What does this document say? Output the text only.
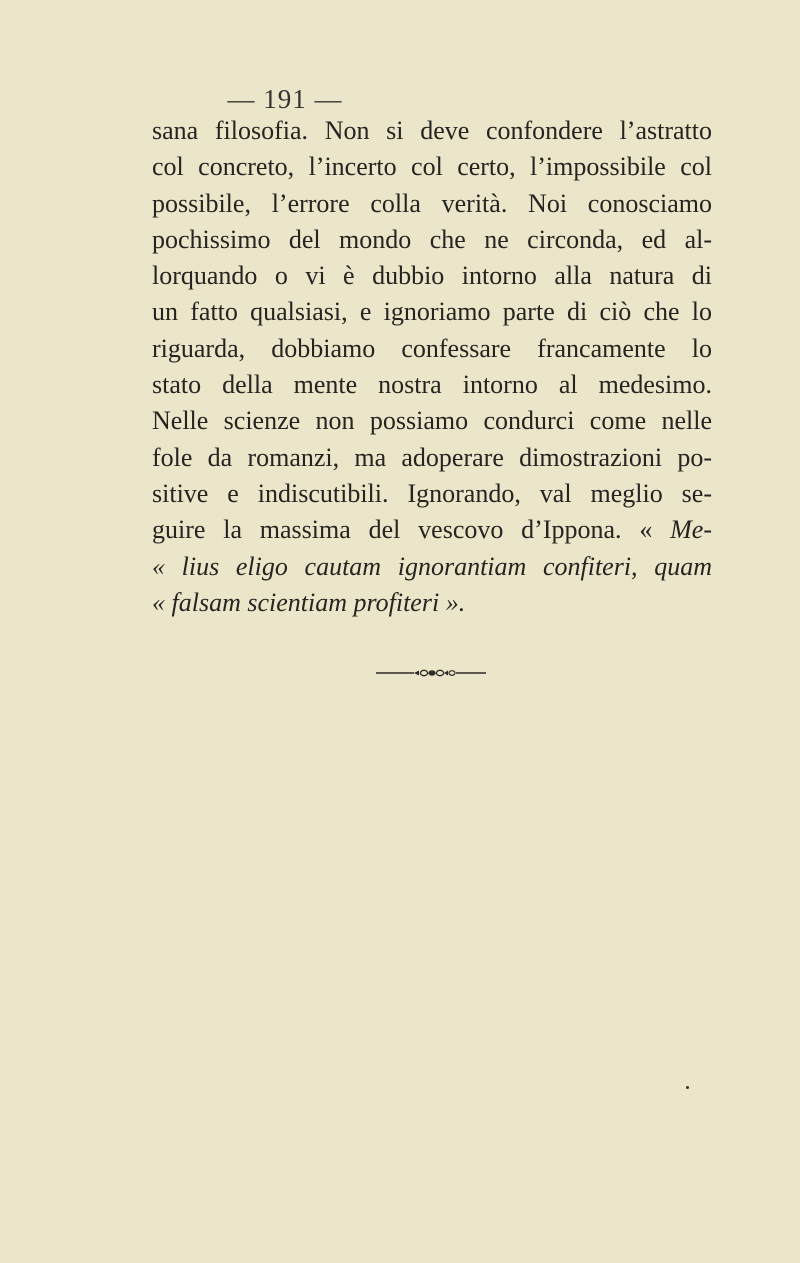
— 191 —
sana filosofia. Non si deve confondere l’astratto
col concreto, l’incerto col certo, l’impossibile col
possibile, l’errore colla verità. Noi conosciamo
pochissimo del mondo che ne circonda, ed al-
lorquando o vi è dubbio intorno alla natura di
un fatto qualsiasi, e ignoriamo parte di ciò che lo
riguarda, dobbiamo confessare francamente lo
stato della mente nostra intorno al medesimo.
Nelle scienze non possiamo condurci come nelle
fole da romanzi, ma adoperare dimostrazioni po-
sitive e indiscutibili. Ignorando, val meglio se-
guire la massima del vescovo d’Ippona. « Me-
« lius eligo cautam ignorantiam confiteri, quam
« falsam scientiam profiteri ».
